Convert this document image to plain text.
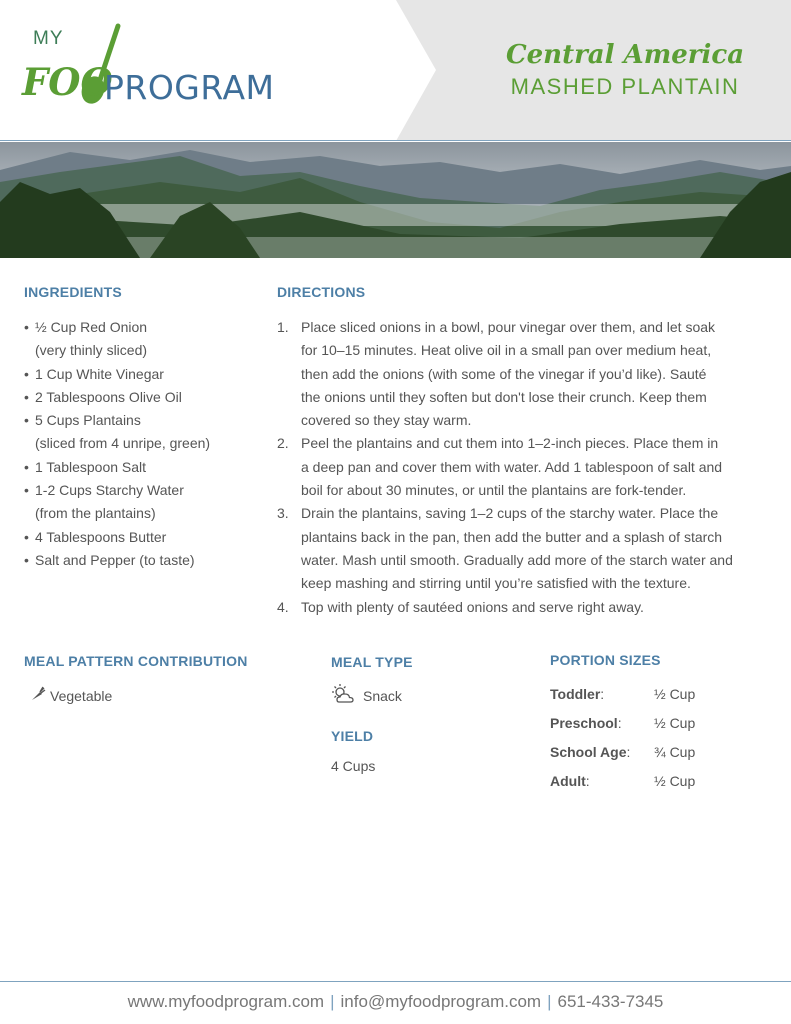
MY
FOO
PROGRAM
Central America
MASHED PLANTAIN
INGREDIENTS
• ½ Cup Red Onion
(very thinly sliced)
• 1 Cup White Vinegar
• 2 Tablespoons Olive Oil
• 5 Cups Plantains
(sliced from 4 unripe, green)
• 1 Tablespoon Salt
• 1-2 Cups Starchy Water
(from the plantains)
• 4 Tablespoons Butter
• Salt and Pepper (to taste)
DIRECTIONS
1. Place sliced onions in a bowl, pour vinegar over them, and let soak
for 10–15 minutes. Heat olive oil in a small pan over medium heat,
then add the onions (with some of the vinegar if you’d like). Sauté
the onions until they soften but don't lose their crunch. Keep them
covered so they stay warm.
2. Peel the plantains and cut them into 1–2-inch pieces. Place them in
a deep pan and cover them with water. Add 1 tablespoon of salt and
boil for about 30 minutes, or until the plantains are fork-tender.
3. Drain the plantains, saving 1–2 cups of the starchy water. Place the
plantains back in the pan, then add the butter and a splash of starch
water. Mash until smooth. Gradually add more of the starch water and
keep mashing and stirring until you’re satisfied with the texture.
4. Top with plenty of sautéed onions and serve right away.
MEAL PATTERN CONTRIBUTION
Vegetable
MEAL TYPE
Snack
YIELD
4 Cups
PORTION SIZES
Toddler:	½ Cup
Preschool: ½ Cup
School Age: ¾ Cup
Adult:	½ Cup
www.myfoodprogram.com | info@myfoodprogram.com | 651-433-7345
